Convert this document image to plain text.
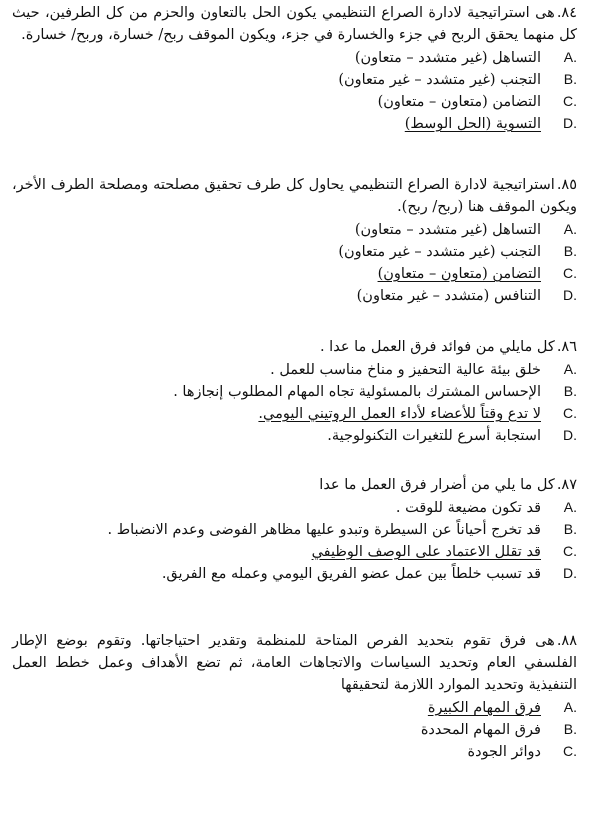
٨٤.هى استراتيجية لادارة الصراع التنظيمي يكون الحل بالتعاون والحزم من كل الطرفين، حيث كل منهما يحقق الربح في جزء والخسارة في جزء، ويكون الموقف ربح/ خسارة، وربح/ خسارة.

A.
التساهل (غير متشدد – متعاون)
B.
التجنب (غير متشدد – غير متعاون)
C.
التضامن (متعاون – متعاون)
D.
التسوية (الحل الوسط)

٨٥.استراتيجية لادارة الصراع التنظيمي يحاول كل طرف تحقيق مصلحته ومصلحة الطرف الأخر، ويكون الموقف هنا (ربح/ ربح).

A.
التساهل (غير متشدد – متعاون)
B.
التجنب (غير متشدد – غير متعاون)
C.
التضامن (متعاون – متعاون)
D.
التنافس (متشدد – غير متعاون)

٨٦.كل مايلي من فوائد فرق العمل ما عدا .

A.
خلق بيئة عالية التحفيز و مناخ مناسب للعمل .
B.
الإحساس المشترك بالمسئولية تجاه المهام المطلوب إنجازها .
C.
لا تدع وقتاً للأعضاء لأداء العمل الروتيني اليومي.
D.
استجابة أسرع للتغيرات التكنولوجية.

٨٧.كل ما يلي من أضرار فرق العمل ما عدا

A.
قد تكون مضيعة للوقت .
B.
قد تخرج أحياناً عن السيطرة وتبدو عليها مظاهر الفوضى وعدم الانضباط .
C.
قد تقلل الاعتماد على الوصف الوظيفي
D.
قد تسبب خلطاً بين عمل عضو الفريق اليومي وعمله مع الفريق.

٨٨.هى فرق تقوم بتحديد الفرص المتاحة للمنظمة وتقدير احتياجاتها. وتقوم بوضع الإطار الفلسفي العام وتحديد السياسات والاتجاهات العامة، ثم تضع الأهداف وعمل خطط العمل التنفيذية وتحديد الموارد اللازمة لتحقيقها

A.
فرق المهام الكبيرة
B.
فرق المهام المحددة
C.
دوائر الجودة
